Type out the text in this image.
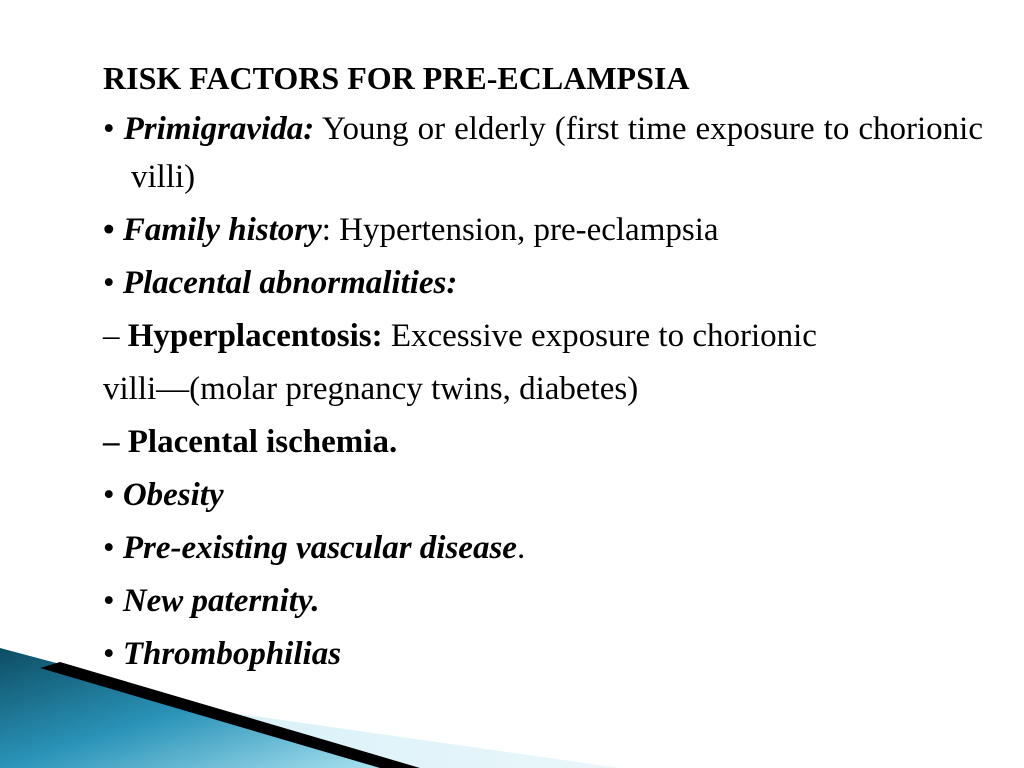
RISK FACTORS FOR PRE-ECLAMPSIA
• Primigravida: Young or elderly (first time exposure to chorionic villi)
• Family history: Hypertension, pre-eclampsia
• Placental abnormalities:
– Hyperplacentosis: Excessive exposure to chorionic
villi—(molar pregnancy twins, diabetes)
– Placental ischemia.
• Obesity
• Pre-existing vascular disease.
• New paternity.
• Thrombophilias
